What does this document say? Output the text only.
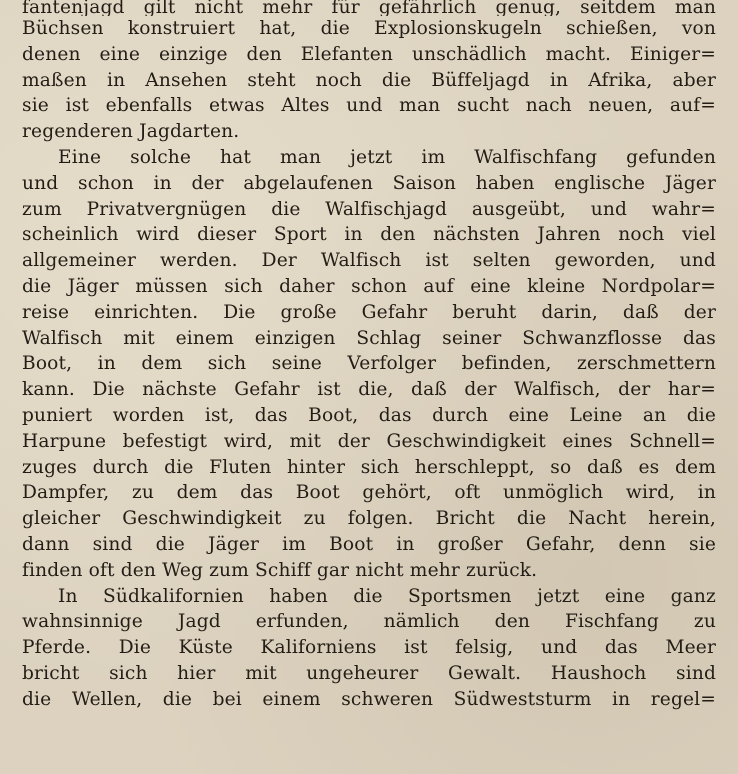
fantenjagd gilt nicht mehr für gefährlich genug, seitdem man
Büchsen konstruiert hat, die Explosionskugeln schießen, von
denen eine einzige den Elefanten unschädlich macht. Einiger=
maßen in Ansehen steht noch die Büffeljagd in Afrika, aber
sie ist ebenfalls etwas Altes und man sucht nach neuen, auf=
regenderen Jagdarten.
Eine solche hat man jetzt im Walfischfang gefunden
und schon in der abgelaufenen Saison haben englische Jäger
zum Privatvergnügen die Walfischjagd ausgeübt, und wahr=
scheinlich wird dieser Sport in den nächsten Jahren noch viel
allgemeiner werden. Der Walfisch ist selten geworden, und
die Jäger müssen sich daher schon auf eine kleine Nordpolar=
reise einrichten. Die große Gefahr beruht darin, daß der
Walfisch mit einem einzigen Schlag seiner Schwanzflosse das
Boot, in dem sich seine Verfolger befinden, zerschmettern
kann. Die nächste Gefahr ist die, daß der Walfisch, der har=
puniert worden ist, das Boot, das durch eine Leine an die
Harpune befestigt wird, mit der Geschwindigkeit eines Schnell=
zuges durch die Fluten hinter sich herschleppt, so daß es dem
Dampfer, zu dem das Boot gehört, oft unmöglich wird, in
gleicher Geschwindigkeit zu folgen. Bricht die Nacht herein,
dann sind die Jäger im Boot in großer Gefahr, denn sie
finden oft den Weg zum Schiff gar nicht mehr zurück.
In Südkalifornien haben die Sportsmen jetzt eine ganz
wahnsinnige Jagd erfunden, nämlich den Fischfang zu
Pferde. Die Küste Kaliforniens ist felsig, und das Meer
bricht sich hier mit ungeheurer Gewalt. Haushoch sind
die Wellen, die bei einem schweren Südweststurm in regel=
